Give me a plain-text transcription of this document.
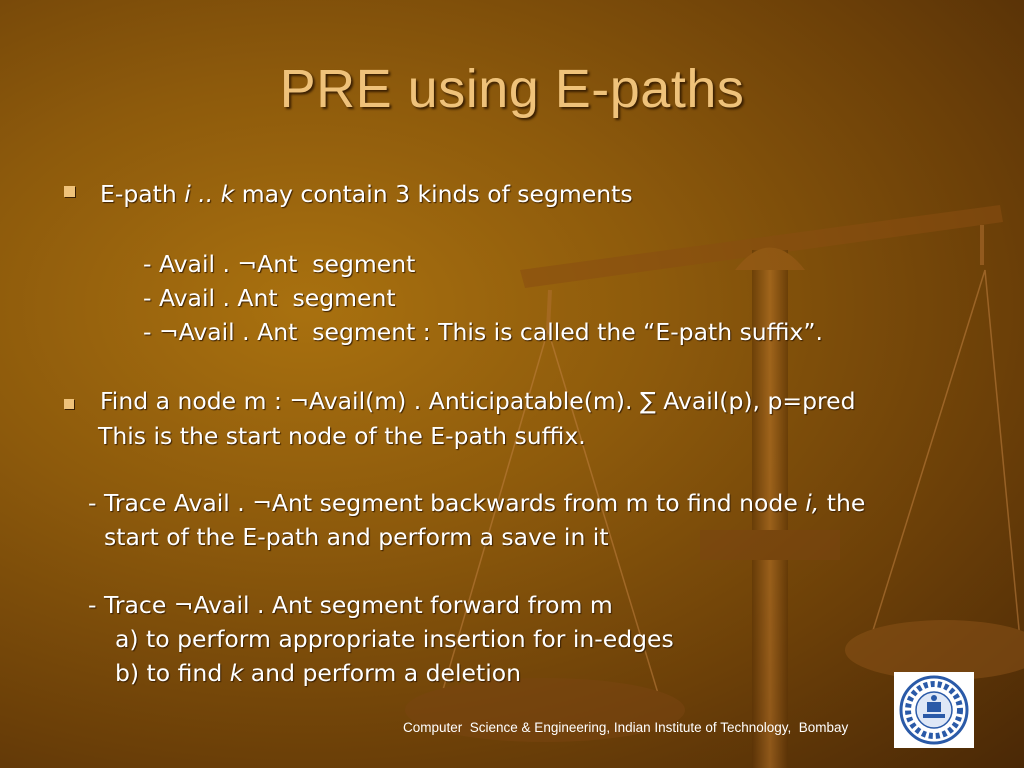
PRE using E-paths
E-path i .. k may contain 3 kinds of segments
- Avail . ¬Ant  segment
- Avail . Ant  segment
- ¬Avail . Ant  segment : This is called the “E-path suffix”.
Find a node m : ¬Avail(m) . Anticipatable(m). ∑ Avail(p), p=pred
This is the start node of the E-path suffix.
- Trace Avail . ¬Ant segment backwards from m to find node i, the
start of the E-path and perform a save in it
- Trace ¬Avail . Ant segment forward from m
a) to perform appropriate insertion for in-edges
b) to find k and perform a deletion
Computer  Science & Engineering, Indian Institute of Technology,  Bombay
